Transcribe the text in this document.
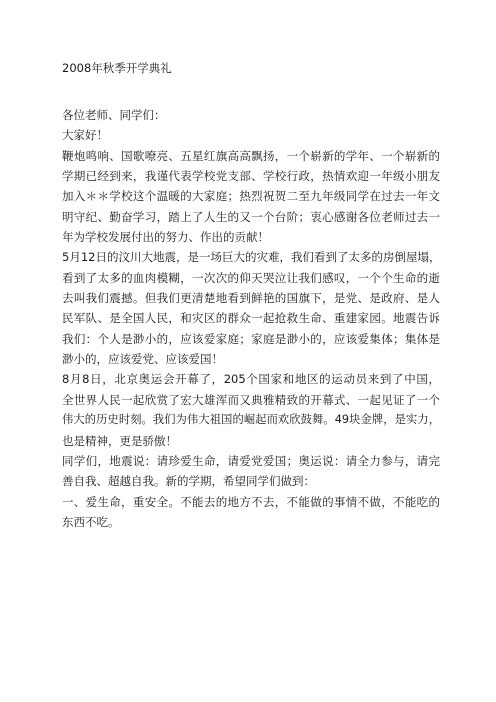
2008年秋季开学典礼
各位老师、同学们：
大家好！
鞭炮鸣响、国歌嘹亮、五星红旗高高飘扬，一个崭新的学年、一个崭新的
学期已经到来，我谨代表学校党支部、学校行政，热情欢迎一年级小朋友
加入＊＊学校这个温暖的大家庭；热烈祝贺二至九年级同学在过去一年文
明守纪、勤奋学习，踏上了人生的又一个台阶；衷心感谢各位老师过去一
年为学校发展付出的努力、作出的贡献！
5月12日的汶川大地震，是一场巨大的灾难，我们看到了太多的房倒屋塌，
看到了太多的血肉模糊，一次次的仰天哭泣让我们感叹，一个个生命的逝
去叫我们震撼。但我们更清楚地看到鲜艳的国旗下，是党、是政府、是人
民军队、是全国人民，和灾区的群众一起抢救生命、重建家园。地震告诉
我们：个人是渺小的，应该爱家庭；家庭是渺小的，应该爱集体；集体是
渺小的，应该爱党、应该爱国！
8月8日，北京奥运会开幕了，205个国家和地区的运动员来到了中国，
全世界人民一起欣赏了宏大雄浑而又典雅精致的开幕式、一起见证了一个
伟大的历史时刻。我们为伟大祖国的崛起而欢欣鼓舞。49块金牌，是实力，
也是精神，更是骄傲！
同学们，地震说：请珍爱生命，请爱党爱国；奥运说：请全力参与，请完
善自我、超越自我。新的学期，希望同学们做到：
一、爱生命，重安全。不能去的地方不去，不能做的事情不做，不能吃的
东西不吃。
